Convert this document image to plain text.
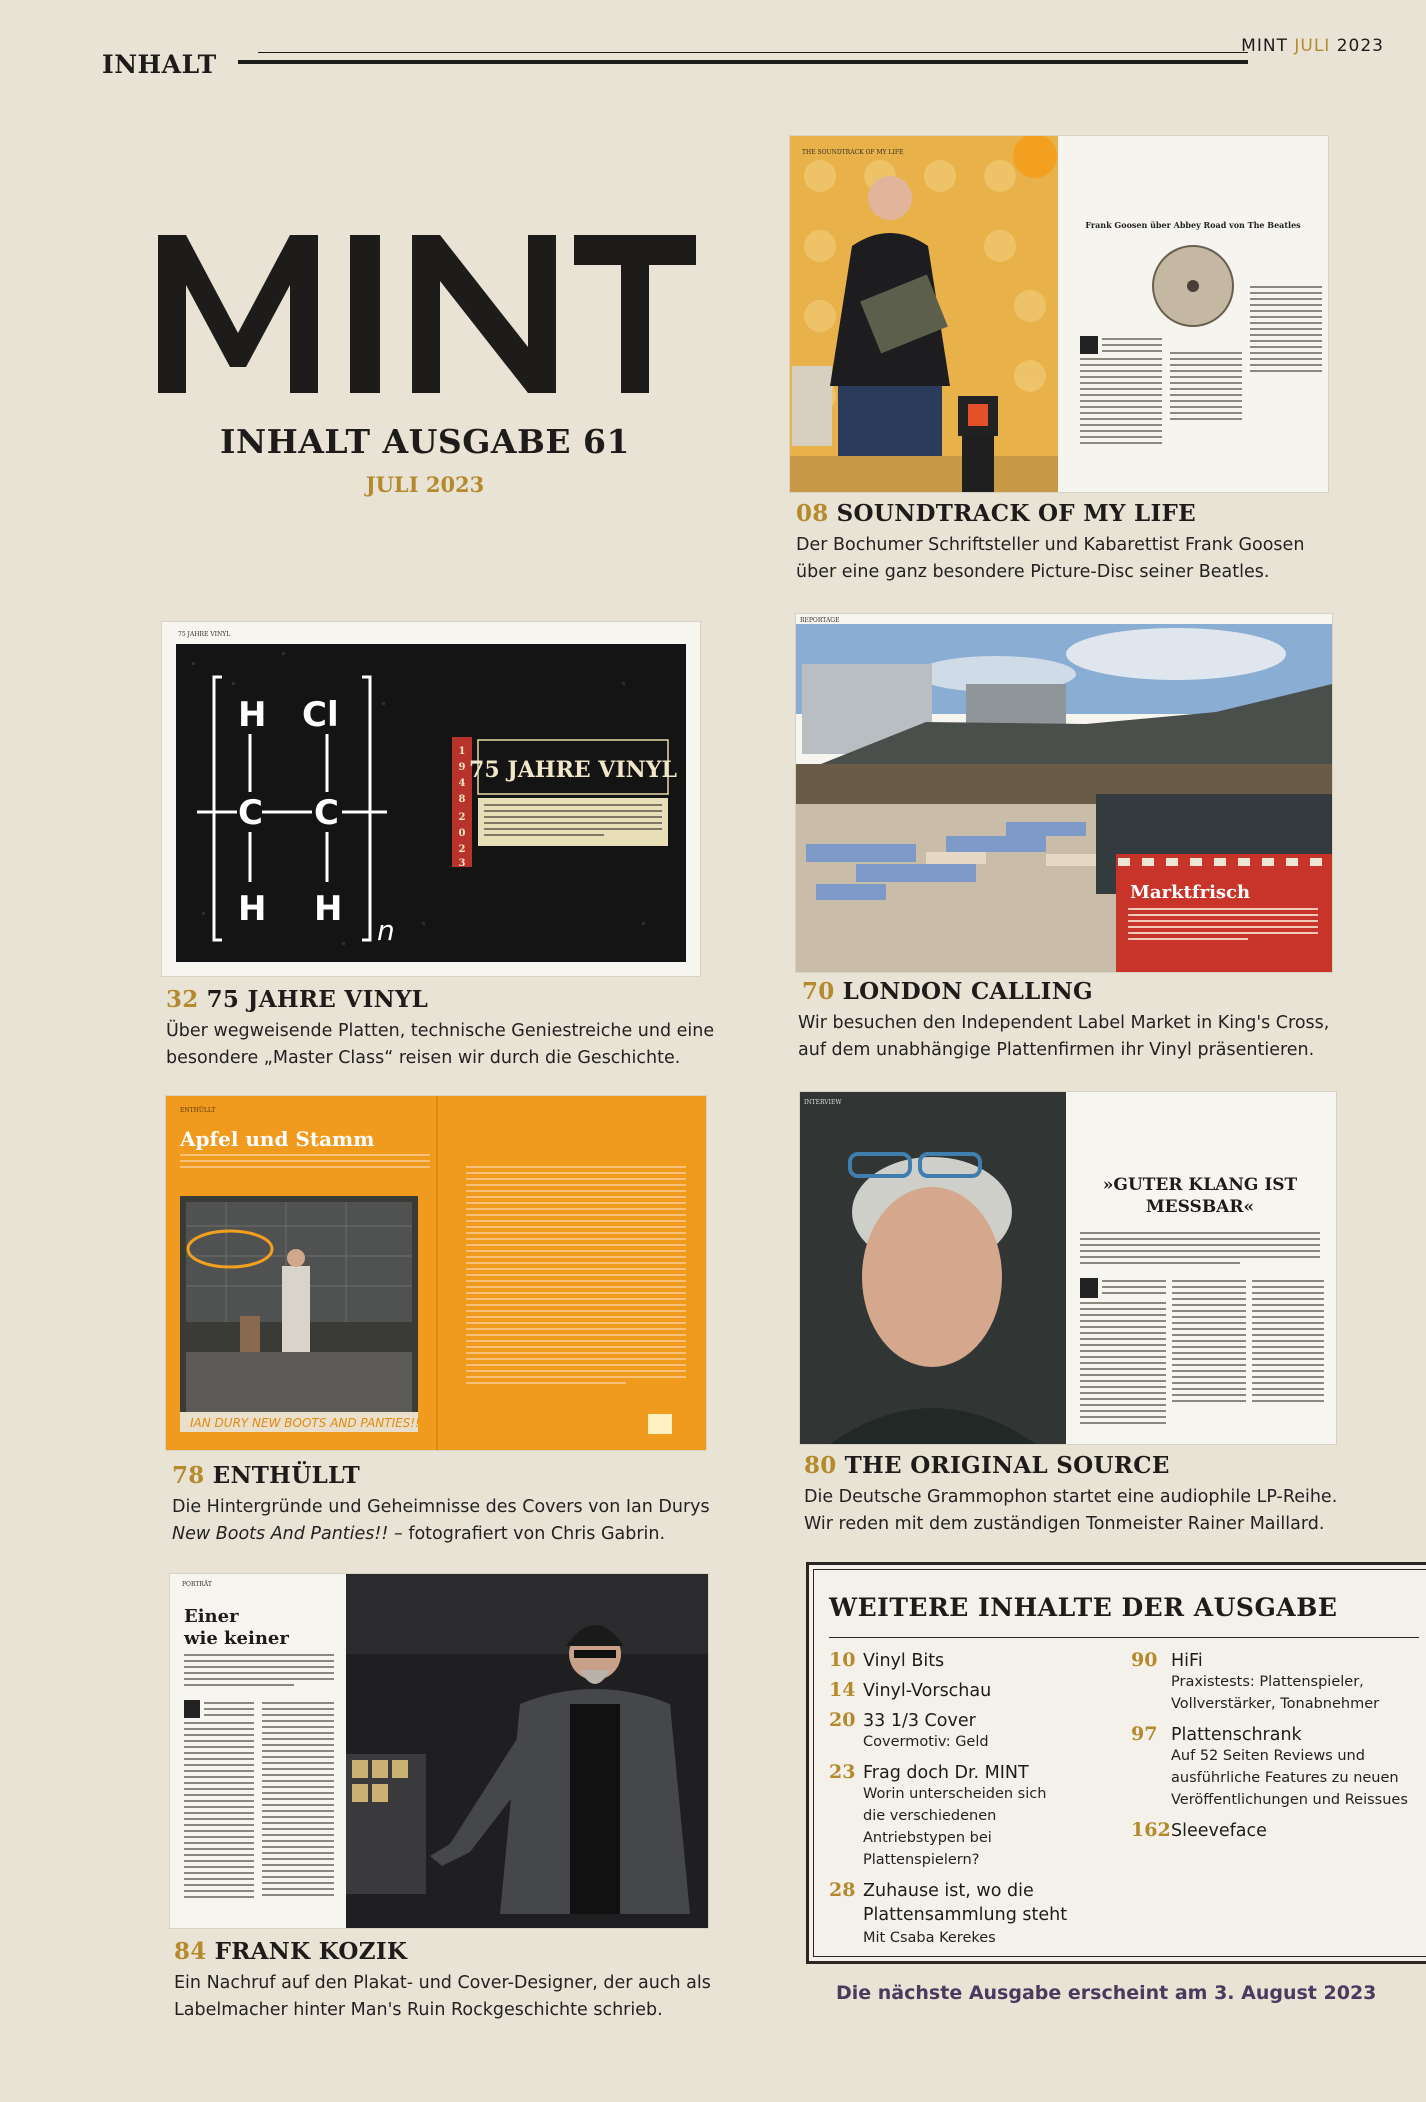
INHALT
MINT JULI 2023
INHALT AUSGABE 61
JULI 2023
THE SOUNDTRACK OF MY LIFE
Frank Goosen über Abbey Road von The Beatles
08 SOUNDTRACK OF MY LIFE
Der Bochumer Schriftsteller und Kabarettist Frank Goosen über eine ganz besondere Picture-Disc seiner Beatles.
H Cl
C C
H H
n
1
9
4
8
2
0
2
3
75 JAHRE VINYL
75 JAHRE VINYL
32 75 JAHRE VINYL
Über wegweisende Platten, technische Geniestreiche und eine besondere „Master Class“ reisen wir durch die Geschichte.
Marktfrisch
REPORTAGE
70 LONDON CALLING
Wir besuchen den Independent Label Market in King's Cross, auf dem unabhängige Plattenfirmen ihr Vinyl präsentieren.
ENTHÜLLT
Apfel und Stamm
IAN DURY NEW BOOTS AND PANTIES!!
78 ENTHÜLLT
Die Hintergründe und Geheimnisse des Covers von Ian Durys New Boots And Panties!! – fotografiert von Chris Gabrin.
INTERVIEW
»GUTER KLANG IST
MESSBAR«
80 THE ORIGINAL SOURCE
Die Deutsche Grammophon startet eine audiophile LP-Reihe. Wir reden mit dem zuständigen Tonmeister Rainer Maillard.
PORTRÄT
Einer
wie keiner
84 FRANK KOZIK
Ein Nachruf auf den Plakat- und Cover-Designer, der auch als Labelmacher hinter Man's Ruin Rockgeschichte schrieb.
WEITERE INHALTE DER AUSGABE
10 Vinyl Bits
14 Vinyl-Vorschau
20 33 1/3 Cover
Covermotiv: Geld
23 Frag doch Dr. MINT
Worin unterscheiden sich die verschiedenen Antriebstypen bei Plattenspielern?
28 Zuhause ist, wo die Plattensammlung steht
Mit Csaba Kerekes
90 HiFi
Praxistests: Plattenspieler, Vollverstärker, Tonabnehmer
97 Plattenschrank
Auf 52 Seiten Reviews und ausführliche Features zu neuen Veröffentlichungen und Reissues
162Sleeveface
Die nächste Ausgabe erscheint am 3. August 2023
